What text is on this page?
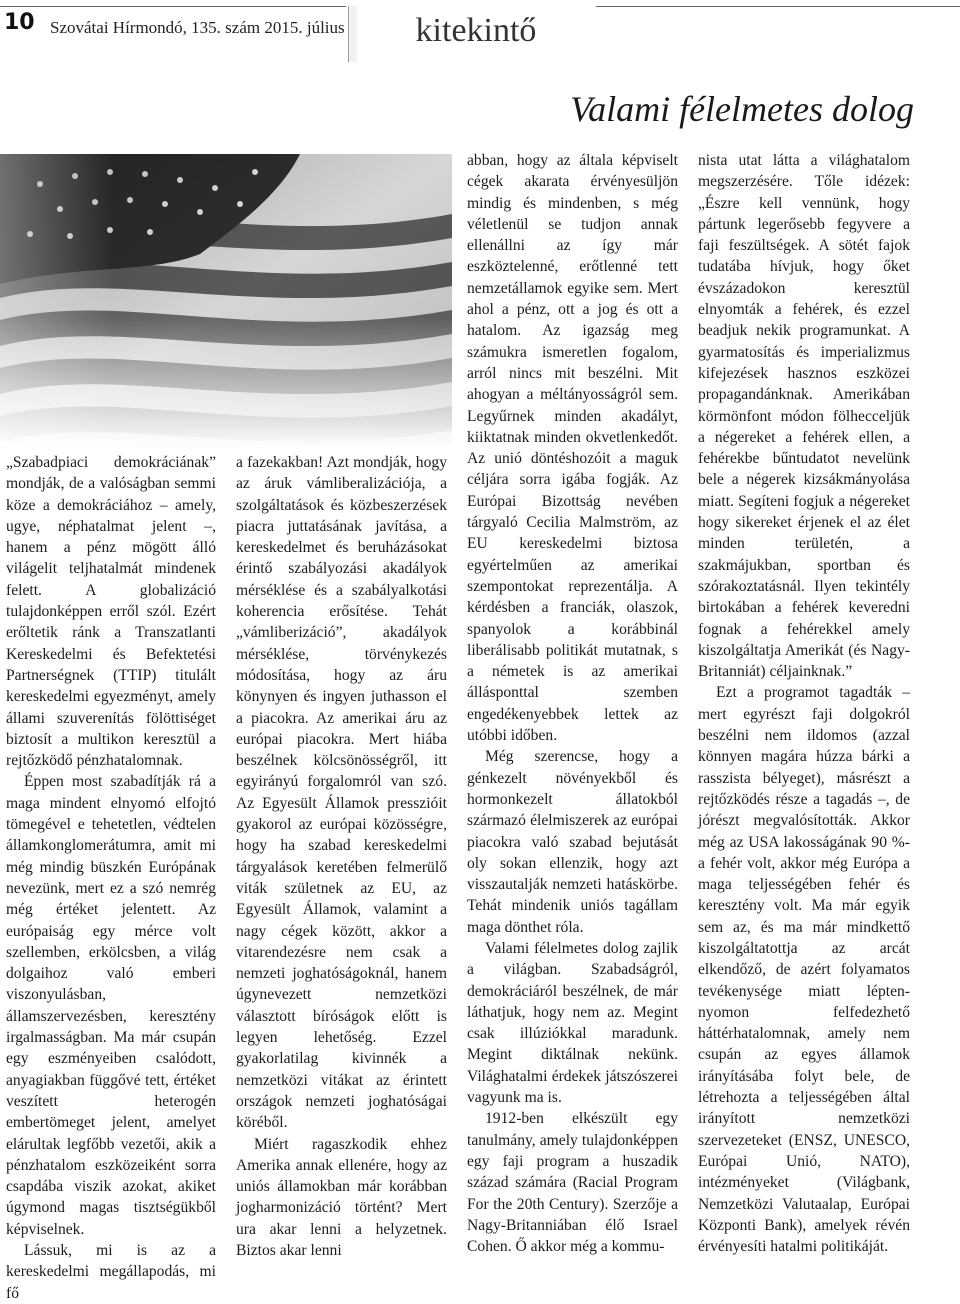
10 Szovátai Hírmondó, 135. szám 2015. július	kitekintő
Valami félelmetes dolog

„Szabadpiaci demokráciának” mondják, de a valóságban semmi köze a demokráciához – amely, ugye, néphatalmat jelent –, hanem a pénz mögött álló világelit teljhatalmát mindenek felett. A globalizáció tulajdonképpen erről szól. Ezért erőltetik ránk a Transzatlanti Kereskedelmi és Befektetési Partnerségnek (TTIP) titulált kereskedelmi egyezményt, amely állami szuverenítás fölöttiséget biztosít a multikon keresztül a rejtőzködő pénzhatalomnak.

Éppen most szabadítják rá a maga mindent elnyomó elfojtó tömegével e tehetetlen, védtelen államkonglomerátumra, amit mi még mindig büszkén Európának nevezünk, mert ez a szó nemrég még értéket jelentett. Az európaiság egy mérce volt szellemben, erkölcsben, a világ dolgaihoz való emberi viszonyulásban, államszervezésben, keresztény irgalmasságban. Ma már csupán egy eszményeiben csalódott, anyagiakban függővé tett, értéket veszített heterogén embertömeget jelent, amelyet elárultak legfőbb vezetői, akik a pénzhatalom eszközeiként sorra csapdába viszik azokat, akiket úgymond magas tisztségükből képviselnek.

Lássuk, mi is az a kereskedelmi megállapodás, mi fő

a fazekakban! Azt mondják, hogy az áruk vámliberalizációja, a szolgáltatások és közbeszerzések piacra juttatásának javítása, a kereskedelmet és beruházásokat érintő szabályozási akadályok mérséklése és a szabályalkotási koherencia erősítése. Tehát „vámliberizáció”, akadályok mérséklése, törvénykezés módosítása, hogy az áru könynyen és ingyen juthasson el a piacokra. Az amerikai áru az európai piacokra. Mert hiába beszélnek kölcsönösségről, itt egyirányú forgalomról van szó. Az Egyesült Államok presszióit gyakorol az európai közösségre, hogy ha szabad kereskedelmi tárgyalások keretében felmerülő viták születnek az EU, az Egyesült Államok, valamint a nagy cégek között, akkor a vitarendezésre nem csak a nemzeti joghatóságoknál, hanem úgynevezett nemzetközi választott bíróságok előtt is legyen lehetőség. Ezzel gyakorlatilag kivinnék a nemzetközi vitákat az érintett országok nemzeti joghatóságai köréből.

Miért ragaszkodik ehhez Amerika annak ellenére, hogy az uniós államokban már korábban jogharmonizáció történt? Mert ura akar lenni a helyzetnek. Biztos akar lenni

abban, hogy az általa képviselt cégek akarata érvényesüljön mindig és mindenben, s még véletlenül se tudjon annak ellenállni az így már eszköztelenné, erőtlenné tett nemzetállamok egyike sem. Mert ahol a pénz, ott a jog és ott a hatalom. Az igazság meg számukra ismeretlen fogalom, arról nincs mit beszélni. Mit ahogyan a méltányosságról sem. Legyűrnek minden akadályt, kiiktatnak minden okvetlenkedőt. Az unió döntéshozóit a maguk céljára sorra igába fogják. Az Európai Bizottság nevében tárgyaló Cecilia Malmström, az EU kereskedelmi biztosa egyértelműen az amerikai szempontokat reprezentálja. A kérdésben a franciák, olaszok, spanyolok a korábbinál liberálisabb politikát mutatnak, s a németek is az amerikai állásponttal szemben engedékenyebbek lettek az utóbbi időben.

Még szerencse, hogy a génkezelt növényekből és hormonkezelt állatokból származó élelmiszerek az európai piacokra való szabad bejutását oly sokan ellenzik, hogy azt visszautalják nemzeti hatáskörbe. Tehát mindenik uniós tagállam maga dönthet róla.

Valami félelmetes dolog zajlik a világban. Szabadságról, demokráciáról beszélnek, de már láthatjuk, hogy nem az. Megint csak illúziókkal maradunk. Megint diktálnak nekünk. Világhatalmi érdekek játszószerei vagyunk ma is.

1912-ben elkészült egy tanulmány, amely tulajdonképpen egy faji program a huszadik század számára (Racial Program For the 20th Century). Szerzője a Nagy-Britanniában élő Israel Cohen. Ő akkor még a kommu-

nista utat látta a világhatalom megszerzésére. Tőle idézek: „Észre kell vennünk, hogy pártunk legerősebb fegyvere a faji feszültségek. A sötét fajok tudatába hívjuk, hogy őket évszázadokon keresztül elnyomták a fehérek, és ezzel beadjuk nekik programunkat. A gyarmatosítás és imperializmus kifejezések hasznos eszközei propagandánknak. Amerikában körmönfont módon fölhecceljük a négereket a fehérek ellen, a fehérekbe bűntudatot nevelünk bele a négerek kizsákmányolása miatt. Segíteni fogjuk a négereket hogy sikereket érjenek el az élet minden területén, a szakmájukban, sportban és szórakoztatásnál. Ilyen tekintély birtokában a fehérek keveredni fognak a fehérekkel amely kiszolgáltatja Amerikát (és Nagy-Britanniát) céljainknak.”

Ezt a programot tagadták – mert egyrészt faji dolgokról beszélni nem ildomos (azzal könnyen magára húzza bárki a rasszista bélyeget), másrészt a rejtőzködés része a tagadás –, de jórészt megvalósították. Akkor még az USA lakosságának 90 %-a fehér volt, akkor még Európa a maga teljességében fehér és keresztény volt. Ma már egyik sem az, és ma már mindkettő kiszolgáltatottja az arcát elkendőző, de azért folyamatos tevékenysége miatt lépten-nyomon felfedezhető háttérhatalomnak, amely nem csupán az egyes államok irányításába folyt bele, de létrehozta a teljességében által irányított nemzetközi szervezeteket (ENSZ, UNESCO, Európai Unió, NATO), intézményeket (Világbank, Nemzetközi Valutaalap, Európai Központi Bank), amelyek révén érvényesíti hatalmi politikáját.
